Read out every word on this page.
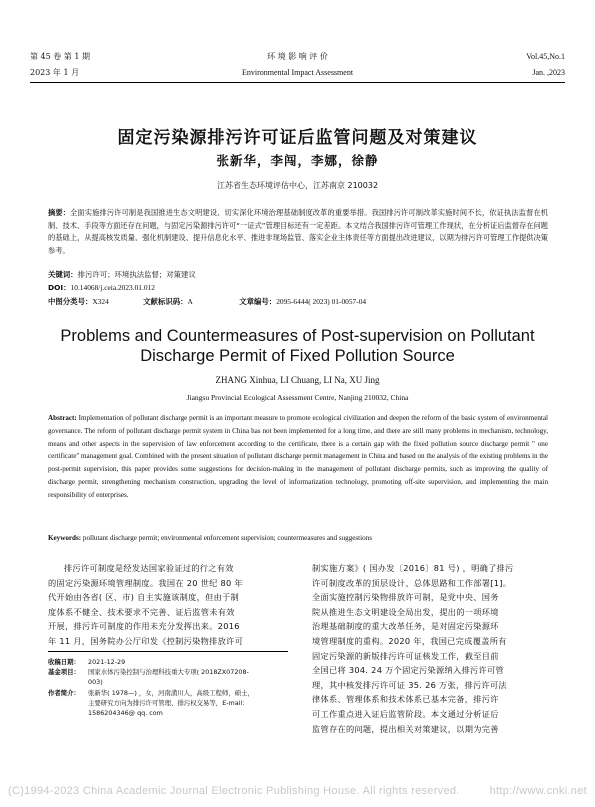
第 45 卷 第 1 期
2023 年 1 月
环 境 影 响 评 价
Environmental Impact Assessment
Vol.45,No.1
Jan. ,2023
固定污染源排污许可证后监管问题及对策建议
张新华，李闯，李娜，徐静
江苏省生态环境评估中心，江苏南京 210032
摘要：全面实施排污许可制是我国推进生态文明建设、切实深化环境治理基础制度改革的重要举措。我国排污许可制改革实施时间不长，依证执法监督在机制、技术、手段等方面还存在问题，与固定污染源排污许可“一证式”管理目标还有一定差距。本文结合我国排污许可管理工作现状，在分析证后监督存在问题的基础上，从提高核发质量、强化机制建设、提升信息化水平、推进非现场监管、落实企业主体责任等方面提出改进建议，以期为排污许可管理工作提供决策参考。
关键词：排污许可；环境执法监督；对策建议
DOI：10.14068/j.ceia.2023.01.012
中图分类号：X324	文献标识码：A	文章编号：2095-6444( 2023) 01-0057-04
Problems and Countermeasures of Post-supervision on Pollutant
Discharge Permit of Fixed Pollution Source
ZHANG Xinhua, LI Chuang, LI Na, XU Jing
Jiangsu Provincial Ecological Assessment Centre, Nanjing 210032, China
Abstract: Implementation of pollutant discharge permit is an important measure to promote ecological civilization and deepen the reform of the basic system of environmental governance. The reform of pollutant discharge permit system in China has not been implemented for a long time, and there are still many problems in mechanism, technology, means and other aspects in the supervision of law enforcement according to the certificate, there is a certain gap with the fixed pollution source discharge permit " one certificate" management goal. Combined with the present situation of pollutant discharge permit management in China and based on the analysis of the existing problems in the post-permit supervision, this paper provides some suggestions for decision-making in the management of pollutant discharge permits, such as improving the quality of discharge permit, strengthening mechanism construction, upgrading the level of informatization technology, promoting off-site supervision, and implementing the main responsibility of enterprises.
Keywords: pollutant discharge permit; environmental enforcement supervision; countermeasures and suggestions
排污许可制度是经发达国家验证过的行之有效
的固定污染源环境管理制度。我国在 20 世纪 80 年
代开始由各省( 区、市) 自主实施该制度，但由于制
度体系不健全、技术要求不完善、证后监管未有效
开展，排污许可制度的作用未充分发挥出来。2016
年 11 月，国务院办公厅印发《控制污染物排放许可
收稿日期：	2021-12-29
基金项目：	国家水体污染控制与治理科技重大专项( 2018ZX07208-
003)
作者简介：	张新华( 1978—) ，女，河南潢川人，高级工程师，硕士，
主要研究方向为排污许可管理、排污权交易等，E-mail：
1586204346@ qq. com
制实施方案》( 国办发〔2016〕81 号) ，明确了排污
许可制度改革的顶层设计、总体思路和工作部署[1]。
全面实施控制污染物排放许可制，是党中央、国务
院从推进生态文明建设全局出发，提出的一项环境
治理基础制度的重大改革任务，是对固定污染源环
境管理制度的重构。2020 年，我国已完成覆盖所有
固定污染源的新版排污许可证核发工作，截至目前
全国已将 304. 24 万个固定污染源纳入排污许可管
理，其中核发排污许可证 35. 26 万张，排污许可法
律体系、管理体系和技术体系已基本完备，排污许
可工作重点进入证后监管阶段。本文通过分析证后
监管存在的问题，提出相关对策建议，以期为完善
(C)1994-2023 China Academic Journal Electronic Publishing House. All rights reserved.	http://www.cnki.net
